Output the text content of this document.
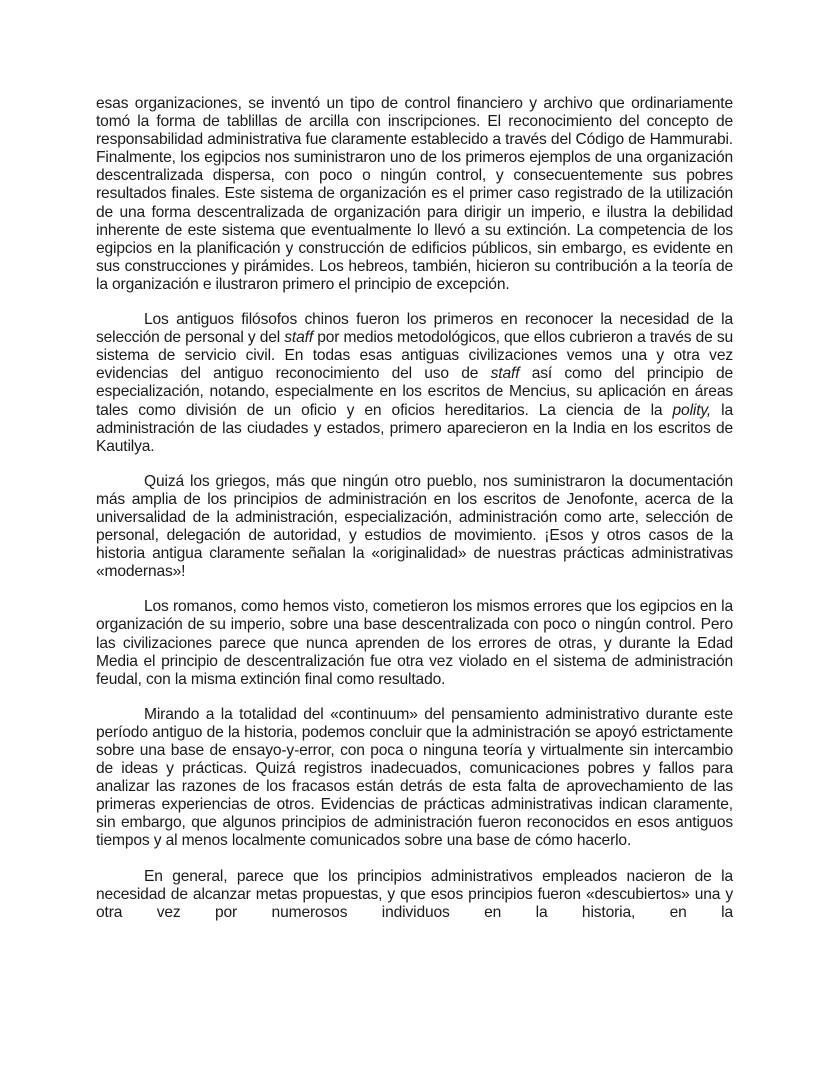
esas organizaciones, se inventó un tipo de control financiero y archivo que ordinariamente tomó la forma de tablillas de arcilla con inscripciones. El reconocimiento del concepto de responsabilidad administrativa fue claramente establecido a través del Código de Hammurabi. Finalmente, los egipcios nos suministraron uno de los primeros ejemplos de una organización descentralizada dispersa, con poco o ningún control, y consecuentemente sus pobres resultados finales. Este sistema de organización es el primer caso registrado de la utilización de una forma descentralizada de organización para dirigir un imperio, e ilustra la debilidad inherente de este sistema que eventualmente lo llevó a su extinción. La competencia de los egipcios en la planificación y construcción de edificios públicos, sin embargo, es evidente en sus construcciones y pirámides. Los hebreos, también, hicieron su contribución a la teoría de la organización e ilustraron primero el principio de excepción.

Los antiguos filósofos chinos fueron los primeros en reconocer la necesidad de la selección de personal y del staff por medios metodológicos, que ellos cubrieron a través de su sistema de servicio civil. En todas esas antiguas civilizaciones vemos una y otra vez evidencias del antiguo reconocimiento del uso de staff así como del principio de especialización, notando, especialmente en los escritos de Mencius, su aplicación en áreas tales como división de un oficio y en oficios hereditarios. La ciencia de la polity, la administración de las ciudades y estados, primero aparecieron en la India en los escritos de Kautilya.

Quizá los griegos, más que ningún otro pueblo, nos suministraron la documentación más amplia de los principios de administración en los escritos de Jenofonte, acerca de la universalidad de la administración, especialización, administración como arte, selección de personal, delegación de autoridad, y estudios de movimiento. ¡Esos y otros casos de la historia antigua claramente señalan la «originalidad» de nuestras prácticas administrativas «modernas»!

Los romanos, como hemos visto, cometieron los mismos errores que los egipcios en la organización de su imperio, sobre una base descentralizada con poco o ningún control. Pero las civilizaciones parece que nunca aprenden de los errores de otras, y durante la Edad Media el principio de descentralización fue otra vez violado en el sistema de administración feudal, con la misma extinción final como resultado.

Mirando a la totalidad del «continuum» del pensamiento administrativo durante este período antiguo de la historia, podemos concluir que la administración se apoyó estrictamente sobre una base de ensayo-y-error, con poca o ninguna teoría y virtualmente sin intercambio de ideas y prácticas. Quizá registros inadecuados, comunicaciones pobres y fallos para analizar las razones de los fracasos están detrás de esta falta de aprovechamiento de las primeras experiencias de otros. Evidencias de prácticas administrativas indican claramente, sin embargo, que algunos principios de administración fueron reconocidos en esos antiguos tiempos y al menos localmente comunicados sobre una base de cómo hacerlo.

En general, parece que los principios administrativos empleados nacieron de la necesidad de alcanzar metas propuestas, y que esos principios fueron «descubiertos» una y otra vez por numerosos individuos en la historia, en la
